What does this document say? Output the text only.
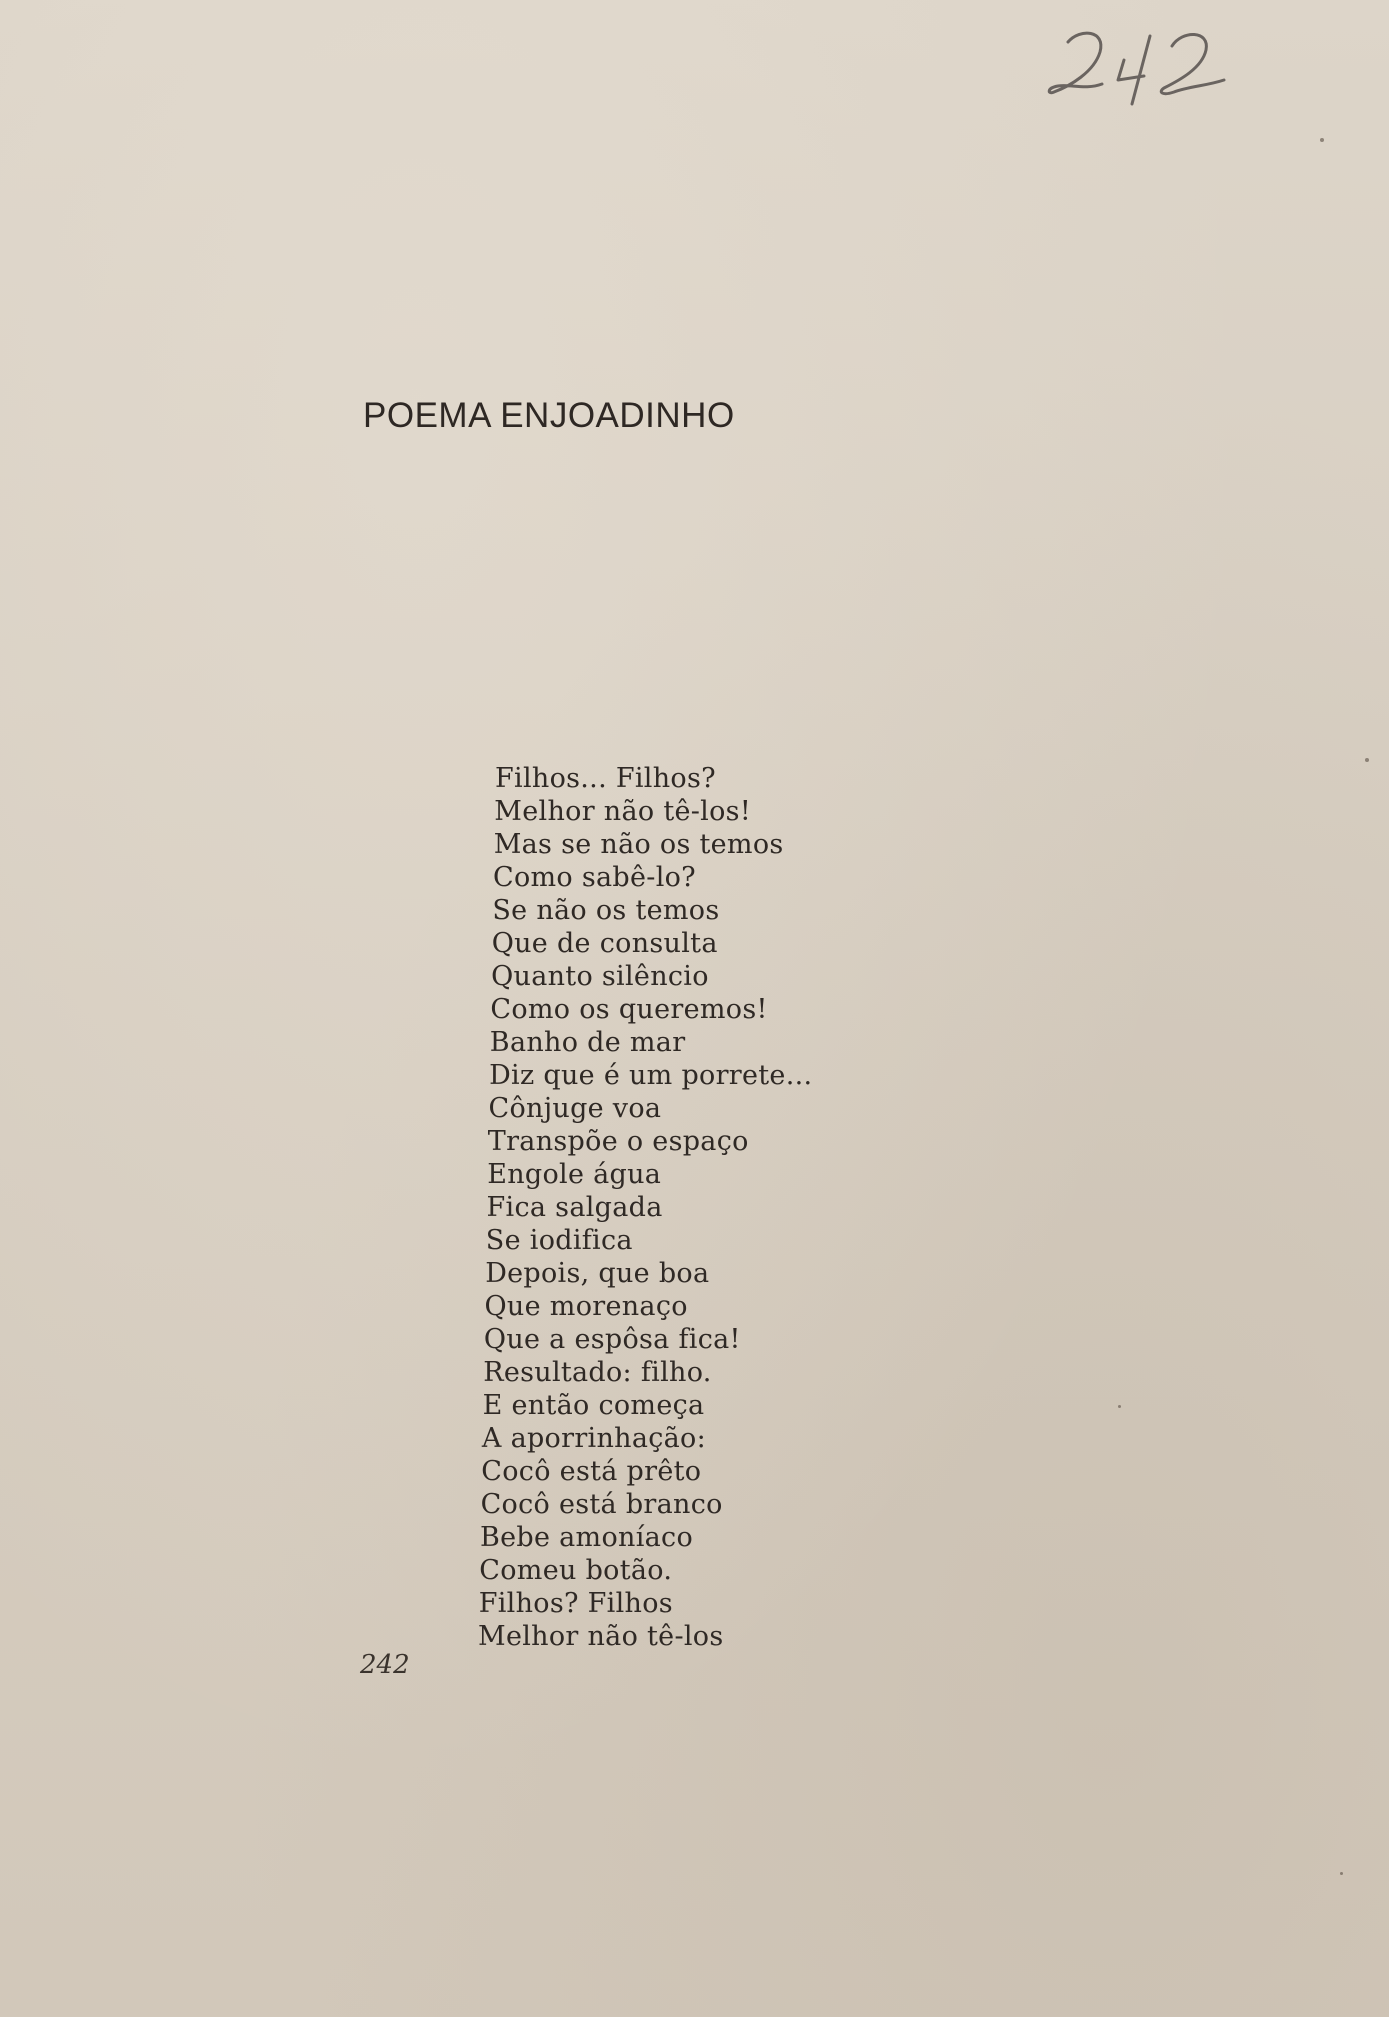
POEMA ENJOADINHO
Filhos... Filhos?
Melhor não tê-los!
Mas se não os temos
Como sabê-lo?
Se não os temos
Que de consulta
Quanto silêncio
Como os queremos!
Banho de mar
Diz que é um porrete...
Cônjuge voa
Transpõe o espaço
Engole água
Fica salgada
Se iodifica
Depois, que boa
Que morenaço
Que a espôsa fica!
Resultado: filho.
E então começa
A aporrinhação:
Cocô está prêto
Cocô está branco
Bebe amoníaco
Comeu botão.
Filhos? Filhos
Melhor não tê-los
242
